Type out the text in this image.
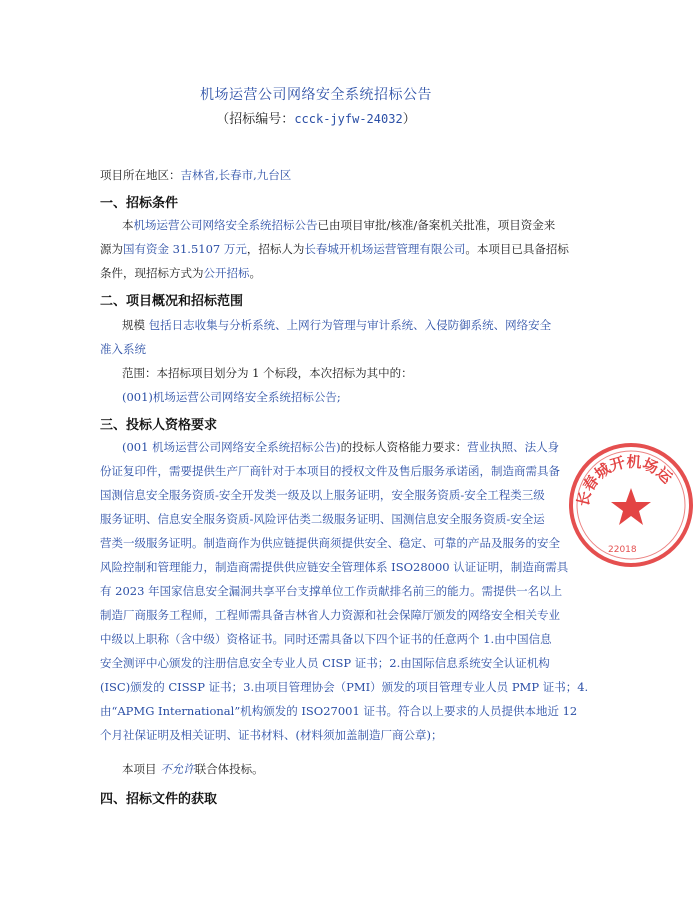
机场运营公司网络安全系统招标公告
（招标编号：ccck-jyfw-24032）
项目所在地区：吉林省,长春市,九台区
一、招标条件
本机场运营公司网络安全系统招标公告已由项目审批/核准/备案机关批准，项目资金来
源为国有资金 31.5107 万元，招标人为长春城开机场运营管理有限公司。本项目已具备招标
条件，现招标方式为公开招标。
二、项目概况和招标范围
规模 包括日志收集与分析系统、上网行为管理与审计系统、入侵防御系统、网络安全
准入系统
范围：本招标项目划分为 1 个标段，本次招标为其中的：
(001)机场运营公司网络安全系统招标公告;
三、投标人资格要求
(001 机场运营公司网络安全系统招标公告)的投标人资格能力要求：营业执照、法人身
份证复印件，需要提供生产厂商针对于本项目的授权文件及售后服务承诺函，制造商需具备
国测信息安全服务资质-安全开发类一级及以上服务证明，安全服务资质-安全工程类三级
服务证明、信息安全服务资质-风险评估类二级服务证明、国测信息安全服务资质-安全运
营类一级服务证明。制造商作为供应链提供商须提供安全、稳定、可靠的产品及服务的安全
风险控制和管理能力，制造商需提供供应链安全管理体系 ISO28000 认证证明，制造商需具
有 2023 年国家信息安全漏洞共享平台支撑单位工作贡献排名前三的能力。需提供一名以上
制造厂商服务工程师，工程师需具备吉林省人力资源和社会保障厅颁发的网络安全相关专业
中级以上职称（含中级）资格证书。同时还需具备以下四个证书的任意两个 1.由中国信息
安全测评中心颁发的注册信息安全专业人员 CISP 证书；2.由国际信息系统安全认证机构
(ISC)颁发的 CISSP 证书；3.由项目管理协会（PMI）颁发的项目管理专业人员 PMP 证书；4.
由“APMG International”机构颁发的 ISO27001 证书。符合以上要求的人员提供本地近 12
个月社保证明及相关证明、证书材料、(材料须加盖制造厂商公章)；
本项目 不允许联合体投标。
四、招标文件的获取
长春城开机场运
22018
